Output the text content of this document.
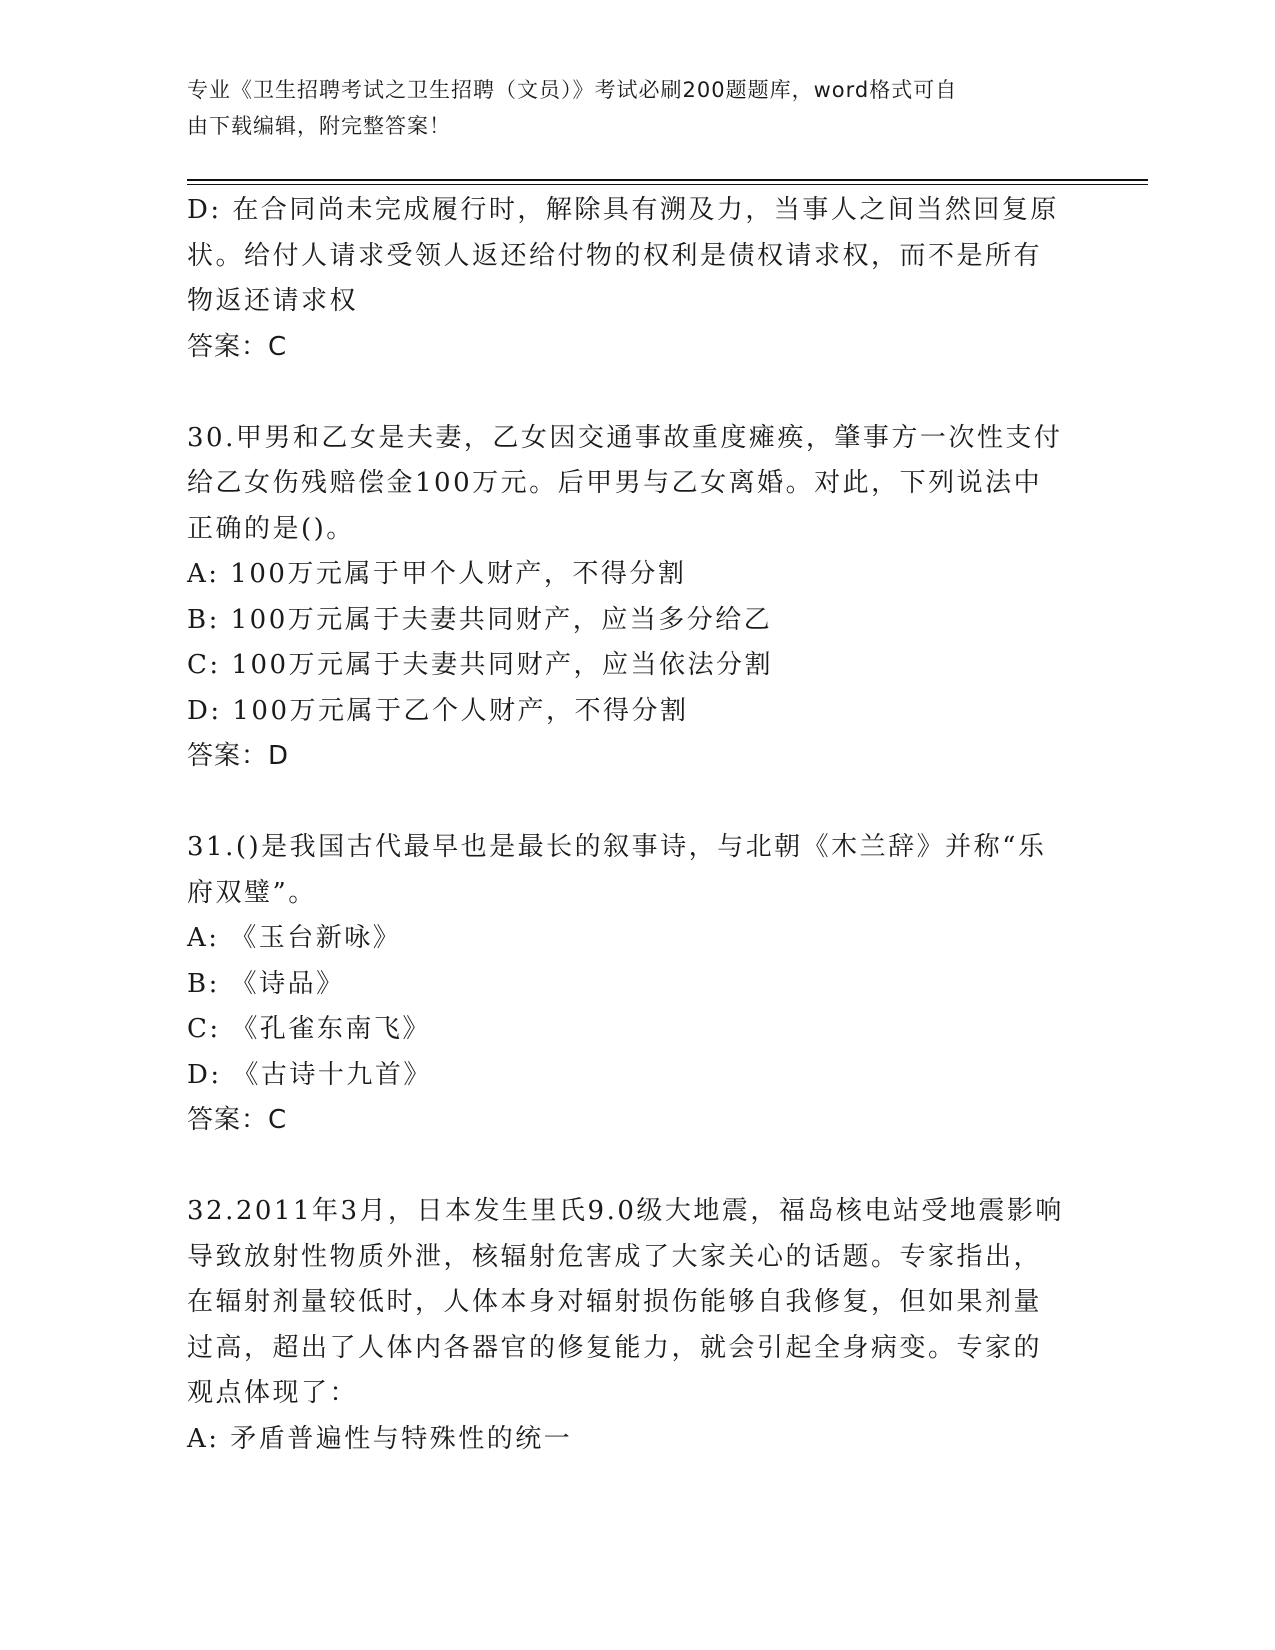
专业《卫生招聘考试之卫生招聘（文员）》考试必刷200题题库，word格式可自
由下载编辑，附完整答案！
D: 在合同尚未完成履行时，解除具有溯及力，当事人之间当然回复原
状。给付人请求受领人返还给付物的权利是债权请求权，而不是所有
物返还请求权
答案：C
30.甲男和乙女是夫妻，乙女因交通事故重度瘫痪，肇事方一次性支付
给乙女伤残赔偿金100万元。后甲男与乙女离婚。对此，下列说法中
正确的是()。
A: 100万元属于甲个人财产，不得分割
B: 100万元属于夫妻共同财产，应当多分给乙
C: 100万元属于夫妻共同财产，应当依法分割
D: 100万元属于乙个人财产，不得分割
答案：D
31.()是我国古代最早也是最长的叙事诗，与北朝《木兰辞》并称“乐
府双璧”。
A: 《玉台新咏》
B: 《诗品》
C: 《孔雀东南飞》
D: 《古诗十九首》
答案：C
32.2011年3月，日本发生里氏9.0级大地震，福岛核电站受地震影响
导致放射性物质外泄，核辐射危害成了大家关心的话题。专家指出，
在辐射剂量较低时，人体本身对辐射损伤能够自我修复，但如果剂量
过高，超出了人体内各器官的修复能力，就会引起全身病变。专家的
观点体现了：
A: 矛盾普遍性与特殊性的统一
